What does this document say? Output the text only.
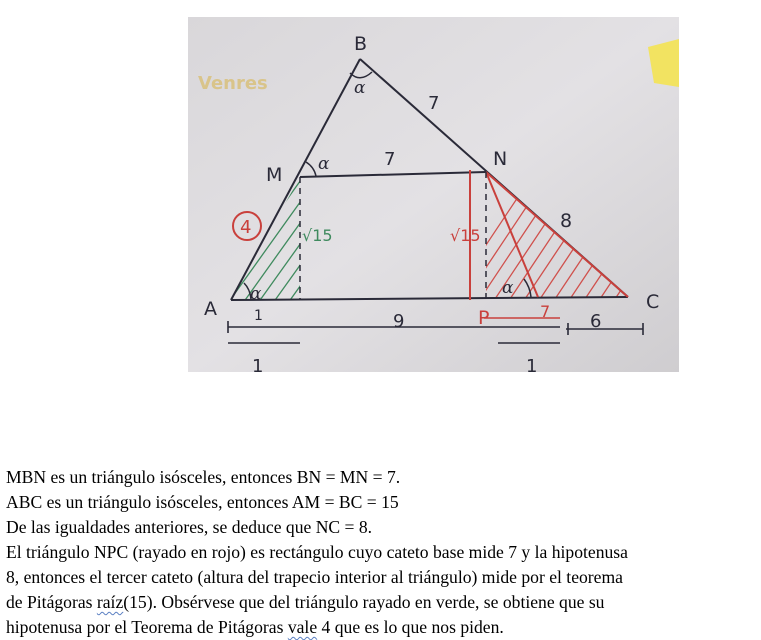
Venres
B
M
N
A	P
C
α
α
α	α
7
7
9	6
1
1	1
8
7
4	√15	√15

MBN es un triángulo isósceles, entonces BN = MN = 7.

ABC es un triángulo isósceles, entonces AM = BC = 15

De las igualdades anteriores, se deduce que NC = 8.

El triángulo NPC (rayado en rojo) es rectángulo cuyo cateto base mide 7 y la hipotenusa

8, entonces el tercer cateto (altura del trapecio interior al triángulo) mide por el teorema

de Pitágoras raíz(15). Obsérvese que del triángulo rayado en verde, se obtiene que su

hipotenusa por el Teorema de Pitágoras vale 4 que es lo que nos piden.
